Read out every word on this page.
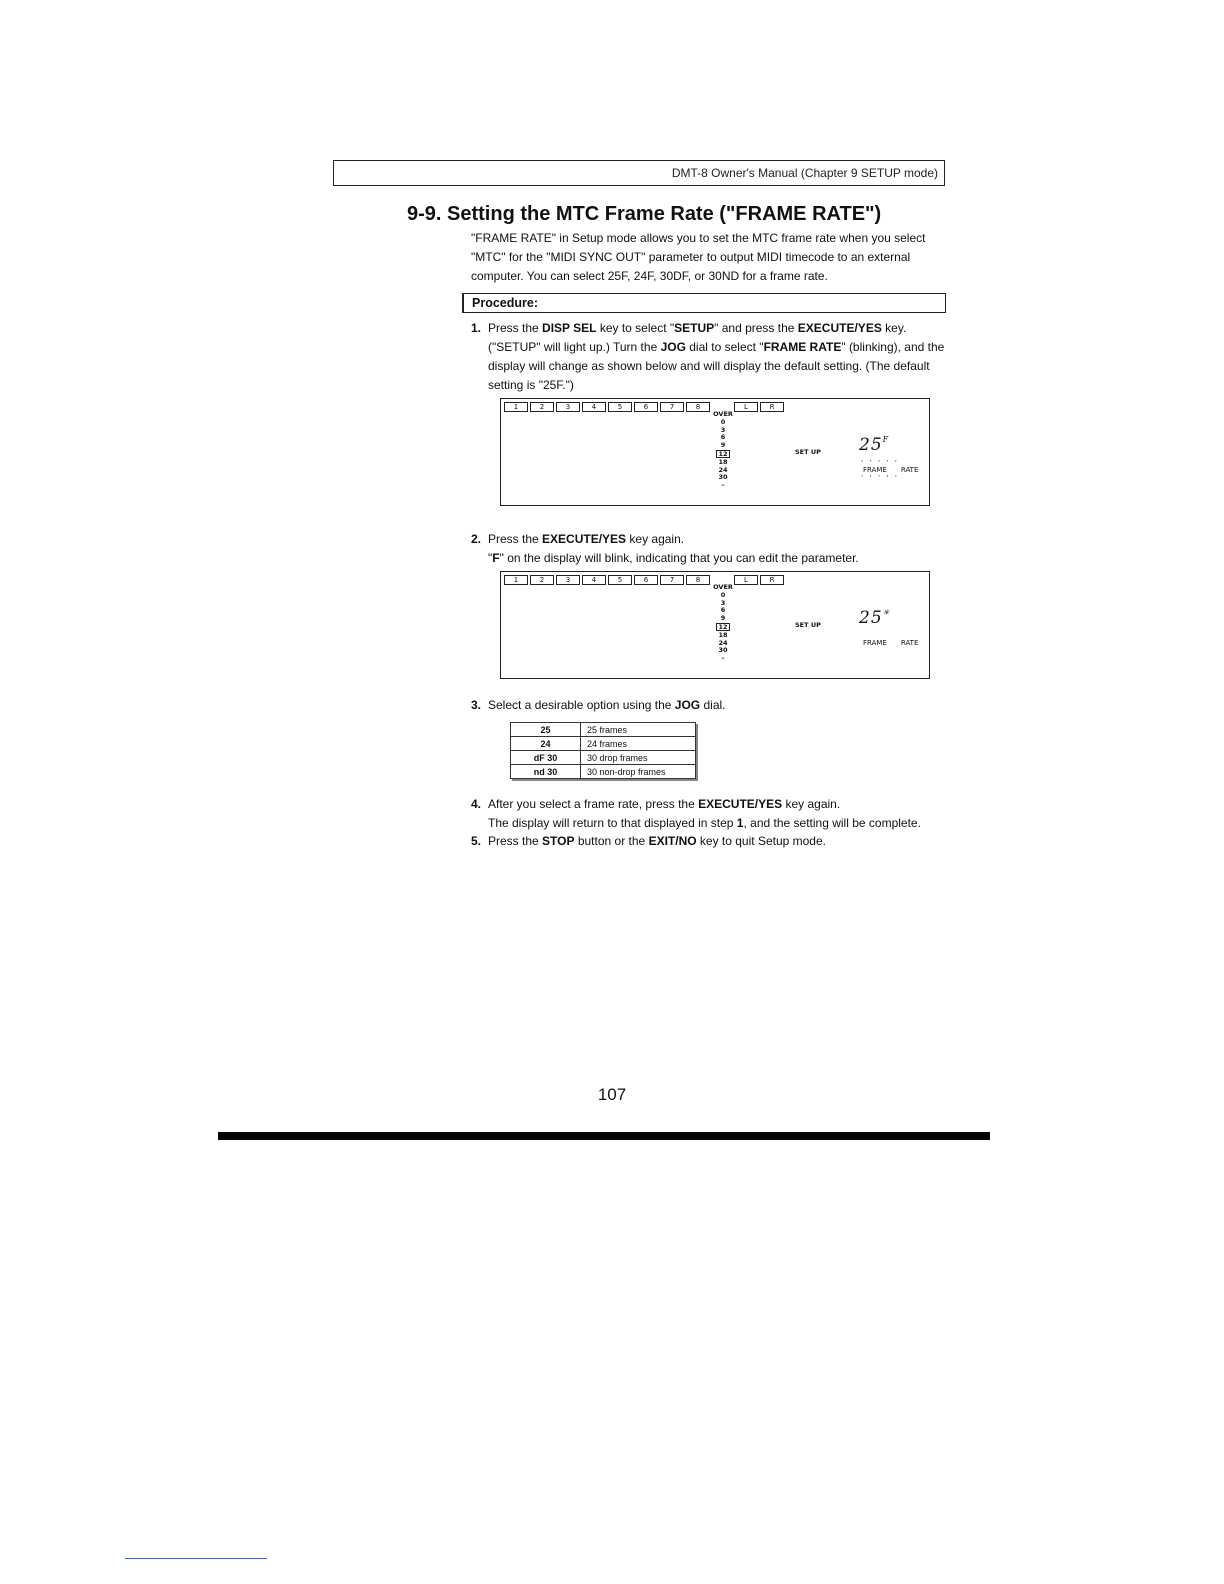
DMT-8 Owner's Manual (Chapter 9 SETUP mode)
9-9. Setting the MTC Frame Rate ("FRAME RATE")
"FRAME RATE" in Setup mode allows you to set the MTC frame rate when you select "MTC" for the "MIDI SYNC OUT" parameter to output MIDI timecode to an external computer. You can select 25F, 24F, 30DF, or 30ND for a frame rate.
Procedure:
1. Press the DISP SEL key to select "SETUP" and press the EXECUTE/YES key. ("SETUP" will light up.) Turn the JOG dial to select "FRAME RATE" (blinking), and the display will change as shown below and will display the default setting. (The default setting is "25F.")
1	2	3	4	5	6	7	8	L	R
OVER
0
3
6
9
12
18
24
30
–
SET UP $25^F$
‘ ’ ‘ ’ ‘
FRAME RATE
’ ‘ ’ ‘ ’
2. Press the EXECUTE/YES key again.
"F" on the display will blink, indicating that you can edit the parameter.
1	2	3	4	5	6	7	8	L	R
OVER
0
3
6
9
12
18
24
30
–
SET UP 25✳
FRAME RATE
3. Select a desirable option using the JOG dial.
25	25 frames
24	24 frames
dF 30	30 drop frames
nd 30	30 non-drop frames
4. After you select a frame rate, press the EXECUTE/YES key again.
The display will return to that displayed in step 1, and the setting will be complete.
5. Press the STOP button or the EXIT/NO key to quit Setup mode.
107
